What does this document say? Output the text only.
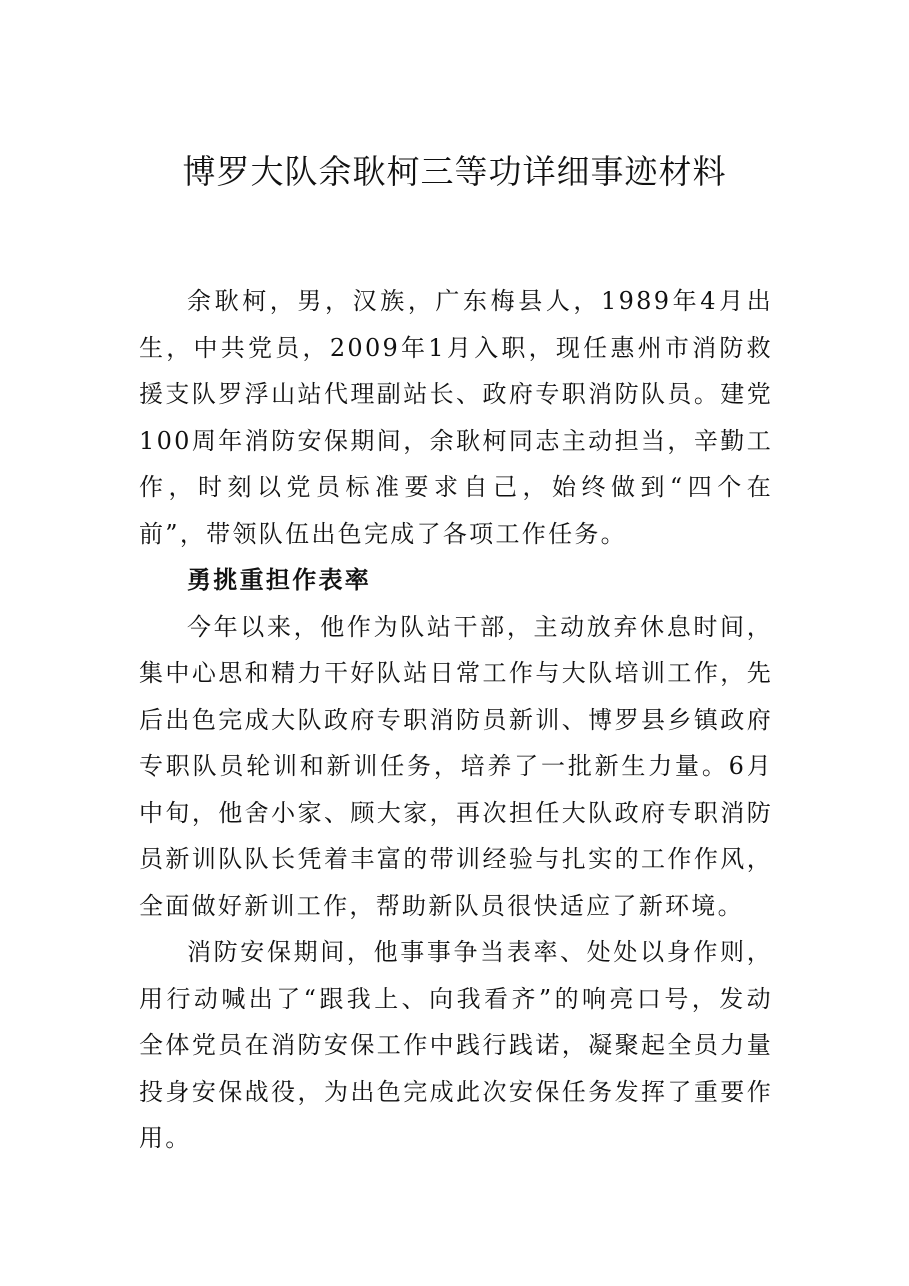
博罗大队余耿柯三等功详细事迹材料

余耿柯，男，汉族，广东梅县人，1989年4月出生，中共党员，2009年1月入职，现任惠州市消防救援支队罗浮山站代理副站长、政府专职消防队员。建党100周年消防安保期间，余耿柯同志主动担当，辛勤工作，时刻以党员标准要求自己，始终做到“四个在前”，带领队伍出色完成了各项工作任务。

勇挑重担作表率

今年以来，他作为队站干部，主动放弃休息时间，集中心思和精力干好队站日常工作与大队培训工作，先后出色完成大队政府专职消防员新训、博罗县乡镇政府专职队员轮训和新训任务，培养了一批新生力量。6月中旬，他舍小家、顾大家，再次担任大队政府专职消防员新训队队长凭着丰富的带训经验与扎实的工作作风，全面做好新训工作，帮助新队员很快适应了新环境。

消防安保期间，他事事争当表率、处处以身作则，用行动喊出了“跟我上、向我看齐”的响亮口号，发动全体党员在消防安保工作中践行践诺，凝聚起全员力量投身安保战役，为出色完成此次安保任务发挥了重要作用。
